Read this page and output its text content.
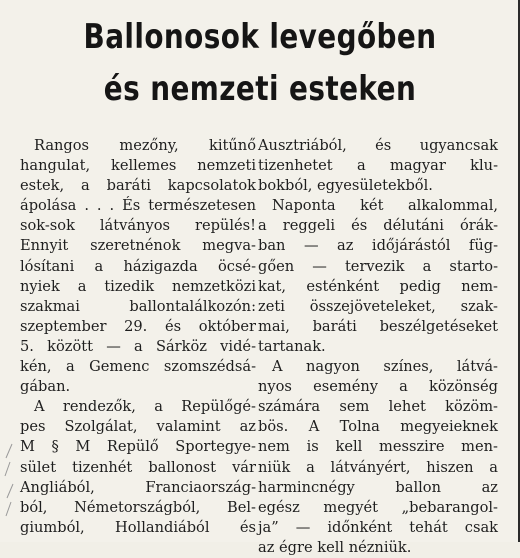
Ballonosok levegőben
és nemzeti esteken
Rangos mezőny, kitűnő
hangulat, kellemes nemzeti
estek, a baráti kapcsolatok
ápolása . . . És természetesen
sok-sok látványos repülés!
Ennyit szeretnénok megva-
lósítani a házigazda öcsé-
nyiek a tizedik nemzetközi
szakmai ballontalálkozón:
szeptember 29. és október
5. között — a Sárköz vidé-
kén, a Gemenc szomszédsá-
gában.
A rendezők, a Repülőgé-
pes Szolgálat, valamint az
M § M Repülő Sportegye-
sület tizenhét ballonost vár
Angliából, Franciaország-
ból, Németországból, Bel-
giumból, Hollandiából és
Ausztriából, és ugyancsak
tizenhetet a magyar klu-
bokból, egyesületekből.
Naponta két alkalommal,
a reggeli és délutáni órák-
ban — az időjárástól füg-
gően — tervezik a starto-
kat, esténként pedig nem-
zeti összejöveteleket, szak-
mai, baráti beszélgetéseket
tartanak.
A nagyon színes, látvá-
nyos esemény a közönség
számára sem lehet közöm-
bös. A Tolna megyeieknek
nem is kell messzire men-
niük a látványért, hiszen a
harmincnégy ballon az
egész megyét „bebarangol-
ja” — időnként tehát csak
az égre kell nézniük.
